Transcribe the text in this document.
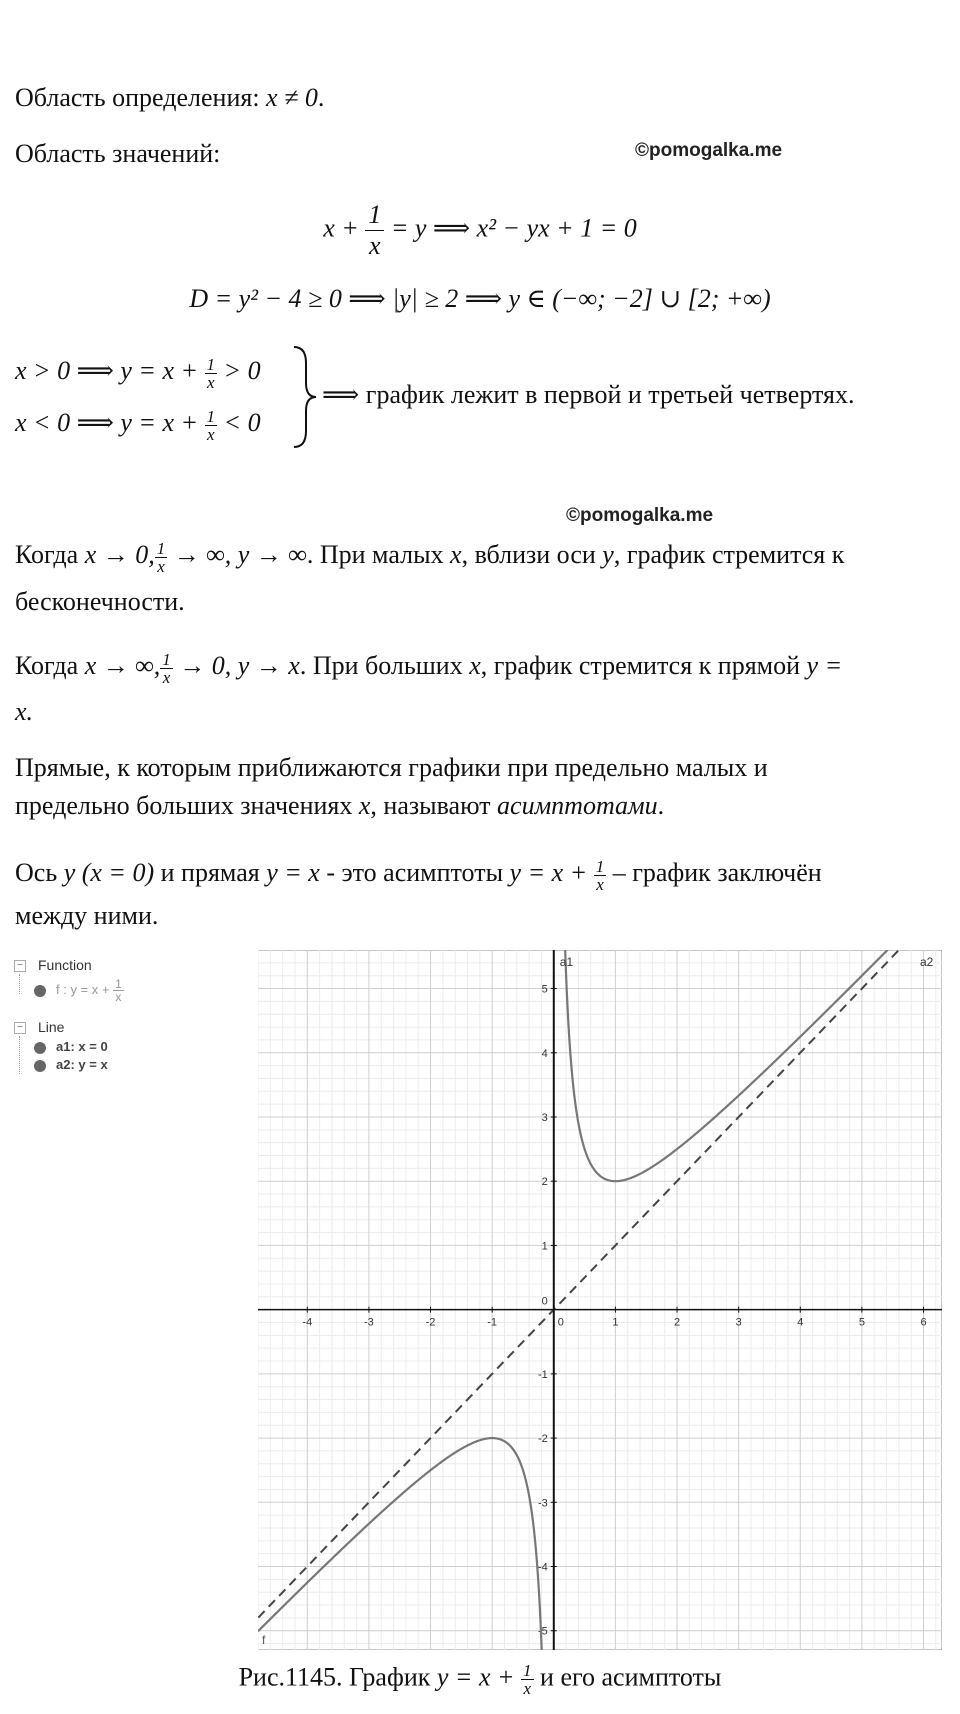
Область определения: x ≠ 0.
Область значений:	©pomogalka.me
$x + \frac{1}{x} = y$ ⟹ x² − yx + 1 = 0
D = y² − 4 ≥ 0 ⟹ |y| ≥ 2 ⟹ y ∈ (−∞; −2] ∪ [2; +∞)
x > 0 ⟹ $y = x + \frac{1}{x} > 0$
x < 0 ⟹ $y = x + \frac{1}{x} < 0$
⟹ график лежит в первой и третьей четвертях.
©pomogalka.me
Когда x → 0, $\frac{1}{x}$ → ∞, y → ∞. При малых x, вблизи оси y, график стремится к
бесконечности.
Когда x → ∞, $\frac{1}{x} \to 0$, y → x. При больших x, график стремится к прямой y =
x.
Прямые, к которым приближаются графики при предельно малых и
предельно больших значениях x, называют асимптотами.
Ось y (x = 0) и прямая y = x - это асимптоты $y = x + \frac{1}{x}$ – график заключён
между ними.
− Function
f : $y = x + \frac{1}{x}$
− Line
a1: x = 0
a2: y = x
-4	-3	-2	-1	0	1	2	3	4	5	6
-5
-4
-3
-2
-1
1
2
3
4
5
0
a1	a2
f
Рис.1145. График $y = x + \frac{1}{x}$ и его асимптоты
